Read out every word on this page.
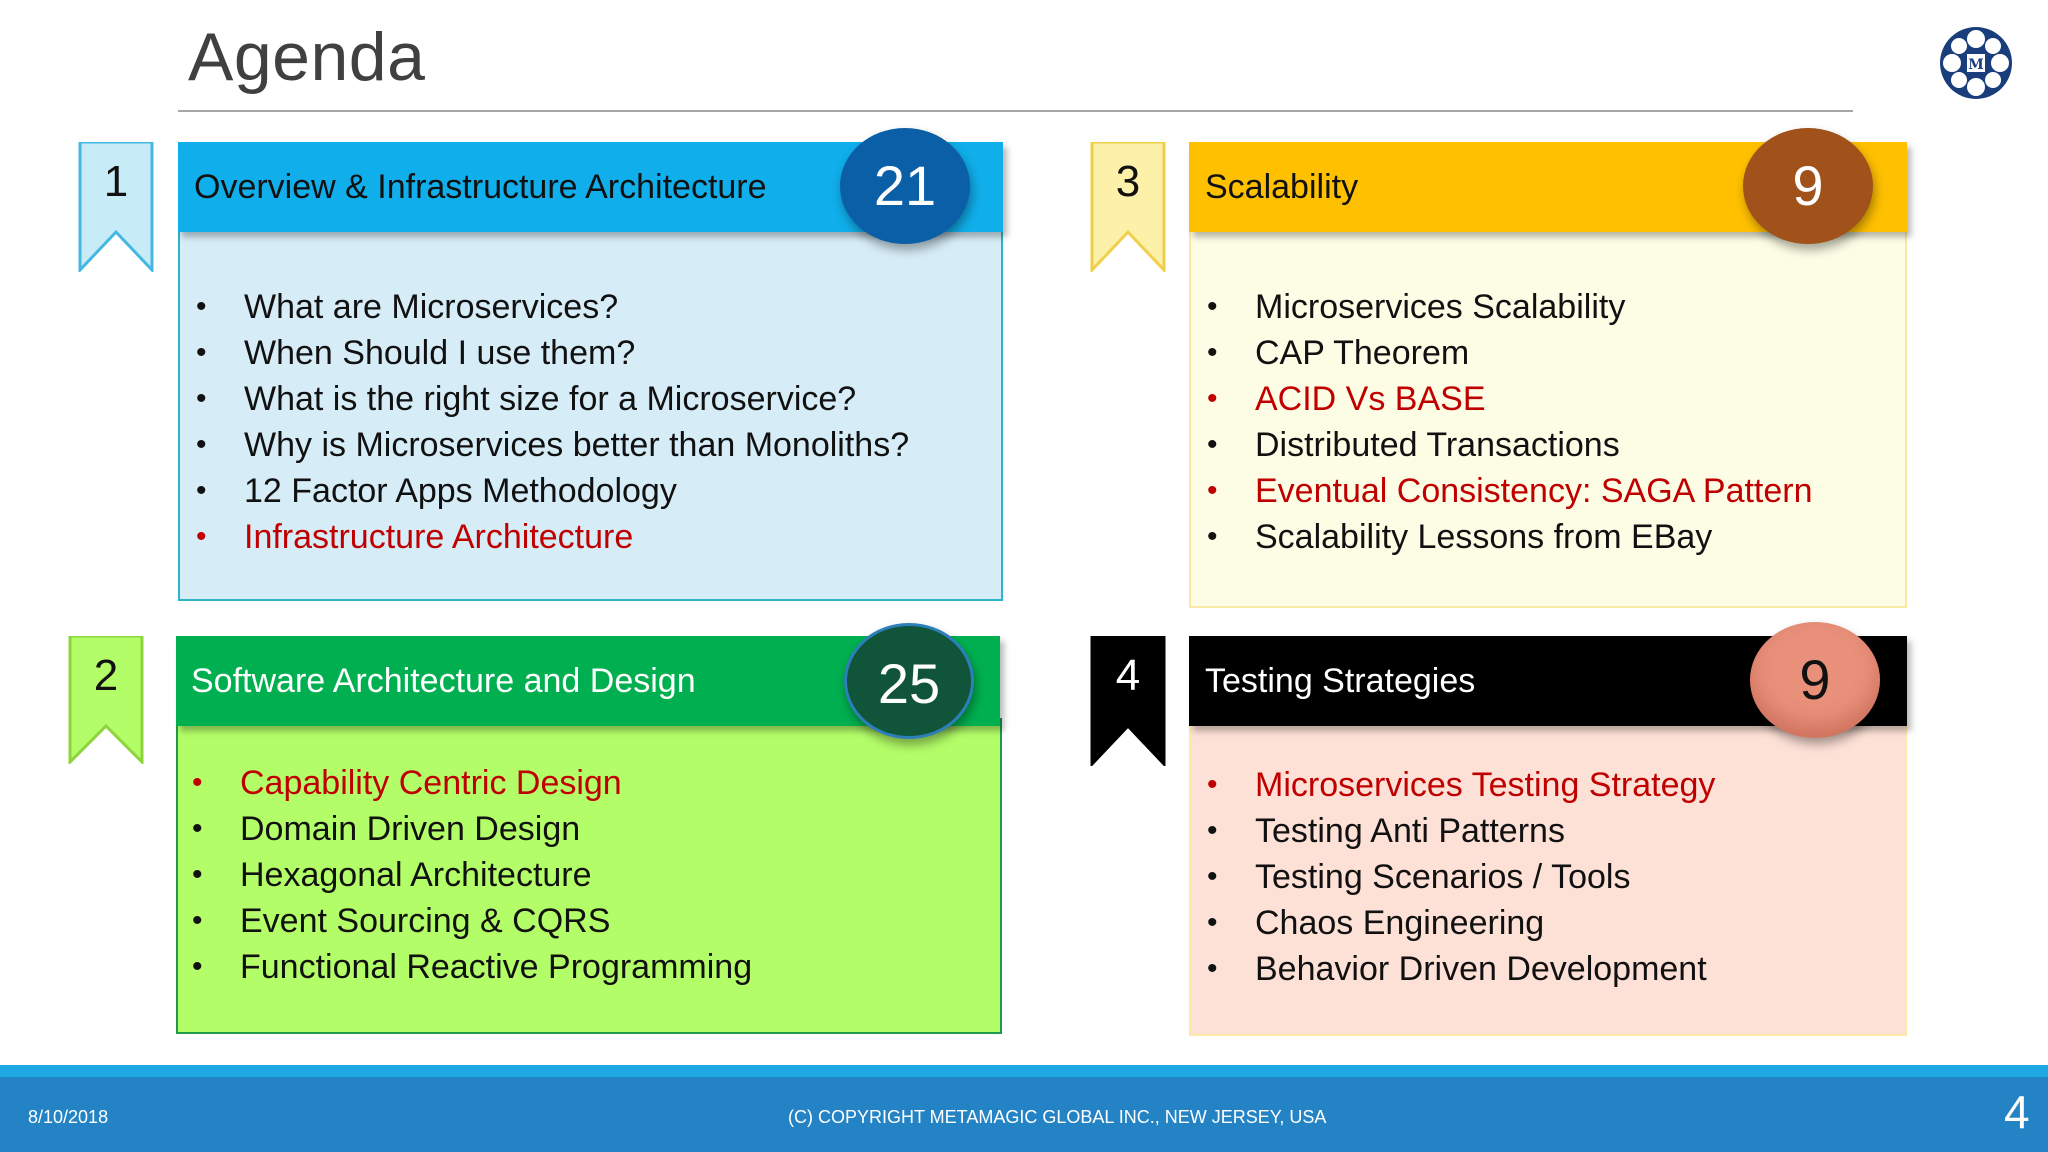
Agenda	M
1	Overview & Infrastructure Architecture	21
• What are Microservices?
• When Should I use them?
• What is the right size for a Microservice?
• Why is Microservices better than Monoliths?
• 12 Factor Apps Methodology
• Infrastructure Architecture
2	Software Architecture and Design	25
• Capability Centric Design
• Domain Driven Design
• Hexagonal Architecture
• Event Sourcing & CQRS
• Functional Reactive Programming
3	Scalability	9
• Microservices Scalability
• CAP Theorem
• ACID Vs BASE
• Distributed Transactions
• Eventual Consistency: SAGA Pattern
• Scalability Lessons from EBay
4	Testing Strategies	9
• Microservices Testing Strategy
• Testing Anti Patterns
• Testing Scenarios / Tools
• Chaos Engineering
• Behavior Driven Development
8/10/2018	(C) COPYRIGHT METAMAGIC GLOBAL INC., NEW JERSEY, USA	4
